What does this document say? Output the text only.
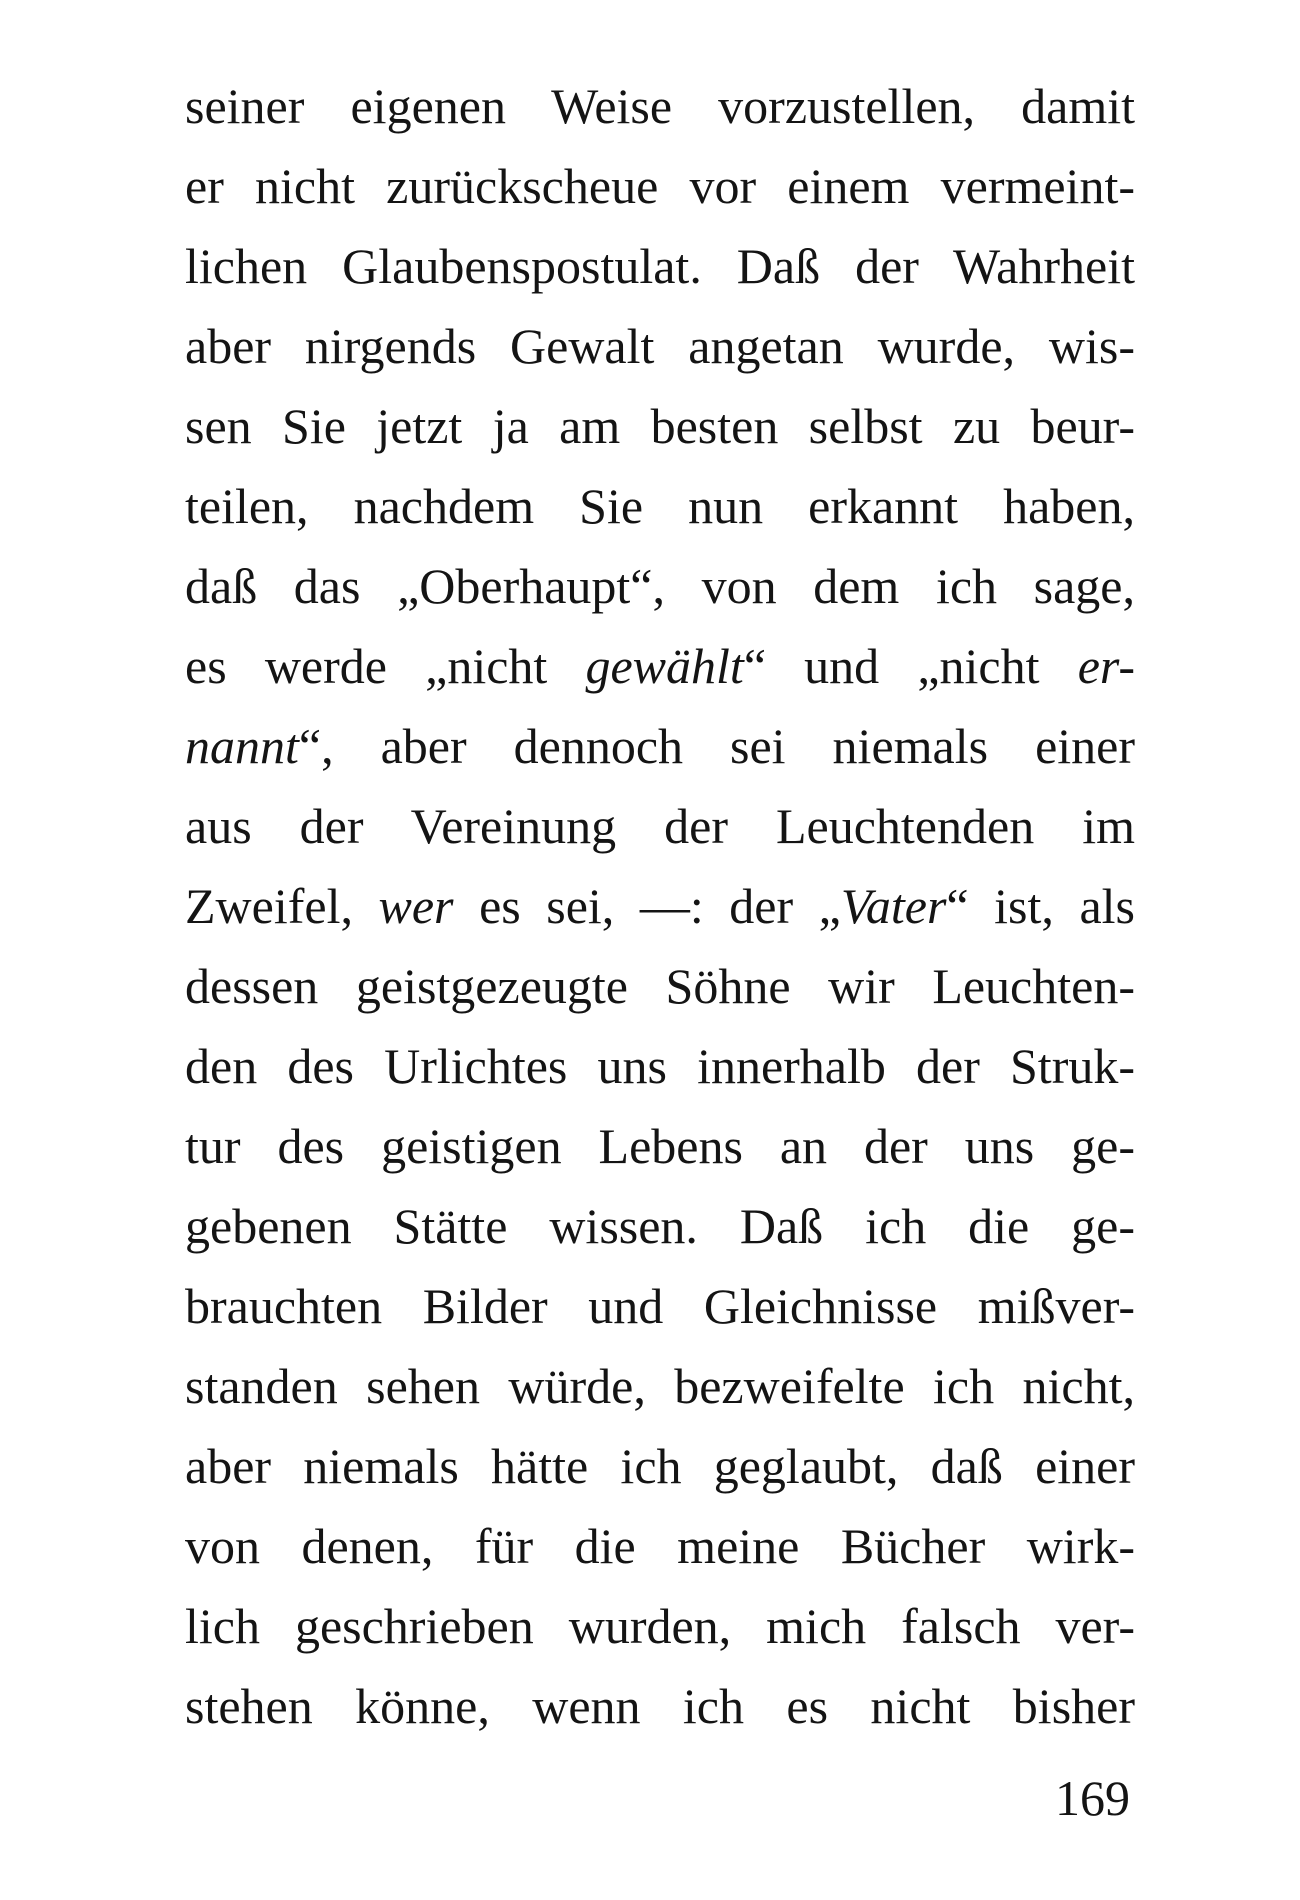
seiner eigenen Weise vorzustellen, damit
er nicht zurückscheue vor einem vermeint-
lichen Glaubenspostulat. Daß der Wahrheit
aber nirgends Gewalt angetan wurde, wis-
sen Sie jetzt ja am besten selbst zu beur-
teilen, nachdem Sie nun erkannt haben,
daß das „Oberhaupt“, von dem ich sage,
es werde „nicht gewählt“ und „nicht er-
nannt“, aber dennoch sei niemals einer
aus der Vereinung der Leuchtenden im
Zweifel, wer es sei, —: der „Vater“ ist, als
dessen geistgezeugte Söhne wir Leuchten-
den des Urlichtes uns innerhalb der Struk-
tur des geistigen Lebens an der uns ge-
gebenen Stätte wissen. Daß ich die ge-
brauchten Bilder und Gleichnisse mißver-
standen sehen würde, bezweifelte ich nicht,
aber niemals hätte ich geglaubt, daß einer
von denen, für die meine Bücher wirk-
lich geschrieben wurden, mich falsch ver-
stehen könne, wenn ich es nicht bisher
169
